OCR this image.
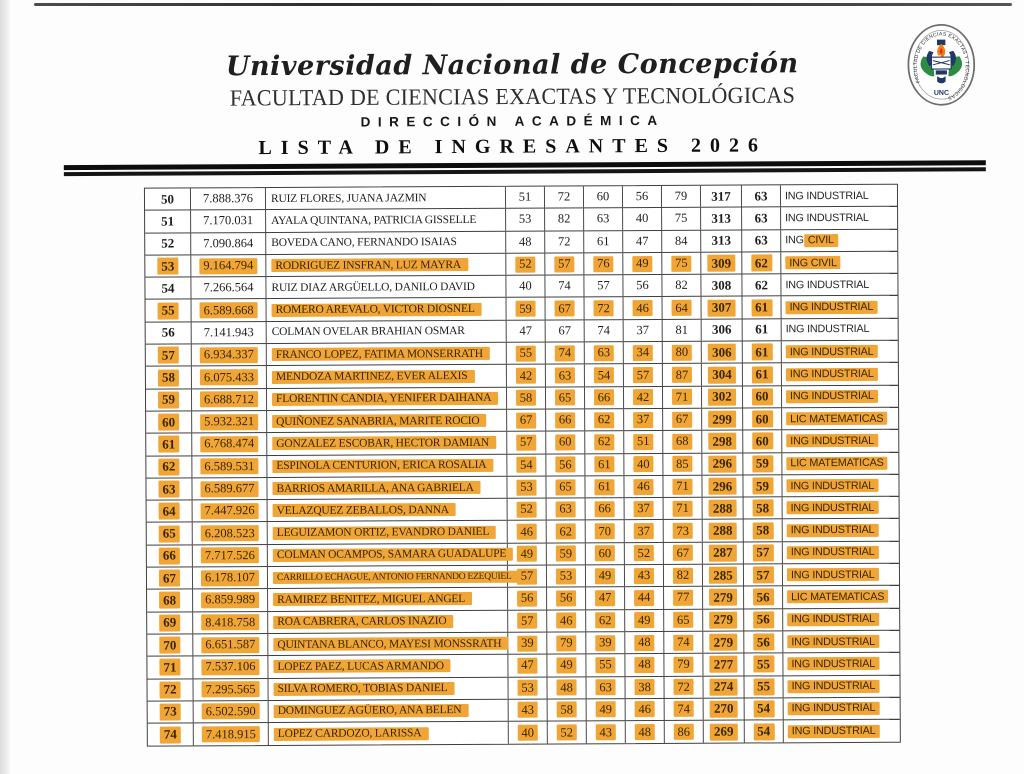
Universidad Nacional de Concepción
FACULTAD DE CIENCIAS EXACTAS Y TECNOLÓGICAS
DIRECCIÓN ACADÉMICA
LISTA DE INGRESANTES 2026
· FACULTAD DE CIENCIAS EXACTAS Y TECNOLÓGICAS ·
UNC
50 7.888.376 RUIZ FLORES, JUANA JAZMIN	51 72 60 56 79 317 63 ING INDUSTRIAL
51 7.170.031 AYALA QUINTANA, PATRICIA GISSELLE	53 82 63 40 75 313 63 ING INDUSTRIAL
52 7.090.864 BOVEDA CANO, FERNANDO ISAIAS	48 72 61 47 84 313 63 ING CIVIL
53	9.164.794	RODRIGUEZ INSFRAN, LUZ MAYRA	52	57	76	49	75	309	62	ING CIVIL
54 7.266.564 RUIZ DIAZ ARGÜELLO, DANILO DAVID	40 74 57 56 82 308 62 ING INDUSTRIAL
55	6.589.668	ROMERO AREVALO, VICTOR DIOSNEL	59	67	72	46	64	307	61	ING INDUSTRIAL
56 7.141.943 COLMAN OVELAR BRAHIAN OSMAR	47 67 74 37 81 306 61 ING INDUSTRIAL
57	6.934.337	FRANCO LOPEZ, FATIMA MONSERRATH	55	74	63	34	80	306	61	ING INDUSTRIAL
58	6.075.433	MENDOZA MARTINEZ, EVER ALEXIS	42	63	54	57	87	304	61	ING INDUSTRIAL
59	6.688.712	FLORENTIN CANDIA, YENIFER DAIHANA	58	65	66	42	71	302	60	ING INDUSTRIAL
60	5.932.321	QUIÑONEZ SANABRIA, MARITE ROCIO	67	66	62	37	67	299	60	LIC MATEMATICAS
61	6.768.474	GONZALEZ ESCOBAR, HECTOR DAMIAN	57	60	62	51	68	298	60	ING INDUSTRIAL
62	6.589.531	ESPINOLA CENTURION, ERICA ROSALIA	54	56	61	40	85	296	59	LIC MATEMATICAS
63	6.589.677	BARRIOS AMARILLA, ANA GABRIELA	53	65	61	46	71	296	59	ING INDUSTRIAL
64	7.447.926	VELAZQUEZ ZEBALLOS, DANNA	52	63	66	37	71	288	58	ING INDUSTRIAL
65	6.208.523	LEGUIZAMON ORTIZ, EVANDRO DANIEL	46	62	70	37	73	288	58	ING INDUSTRIAL
66	7.717.526	COLMAN OCAMPOS, SAMARA GUADALUPE	49	59	60	52	67	287	57	ING INDUSTRIAL
67	6.178.107	CARRILLO ECHAGUE, ANTONIO FERNANDO EZEQUIEL 57	53	49	43	82	285	57	ING INDUSTRIAL
68	6.859.989	RAMIREZ BENITEZ, MIGUEL ANGEL	56	56	47	44	77	279	56	LIC MATEMATICAS
69	8.418.758	ROA CABRERA, CARLOS INAZIO	57	46	62	49	65	279	56	ING INDUSTRIAL
70	6.651.587	QUINTANA BLANCO, MAYESI MONSSRATH	39	79	39	48	74	279	56	ING INDUSTRIAL
71	7.537.106	LOPEZ PAEZ, LUCAS ARMANDO	47	49	55	48	79	277	55	ING INDUSTRIAL
72	7.295.565	SILVA ROMERO, TOBIAS DANIEL	53	48	63	38	72	274	55	ING INDUSTRIAL
73	6.502.590	DOMINGUEZ AGÜERO, ANA BELEN	43	58	49	46	74	270	54	ING INDUSTRIAL
74	7.418.915	LOPEZ CARDOZO, LARISSA	40	52	43	48	86	269	54	ING INDUSTRIAL
